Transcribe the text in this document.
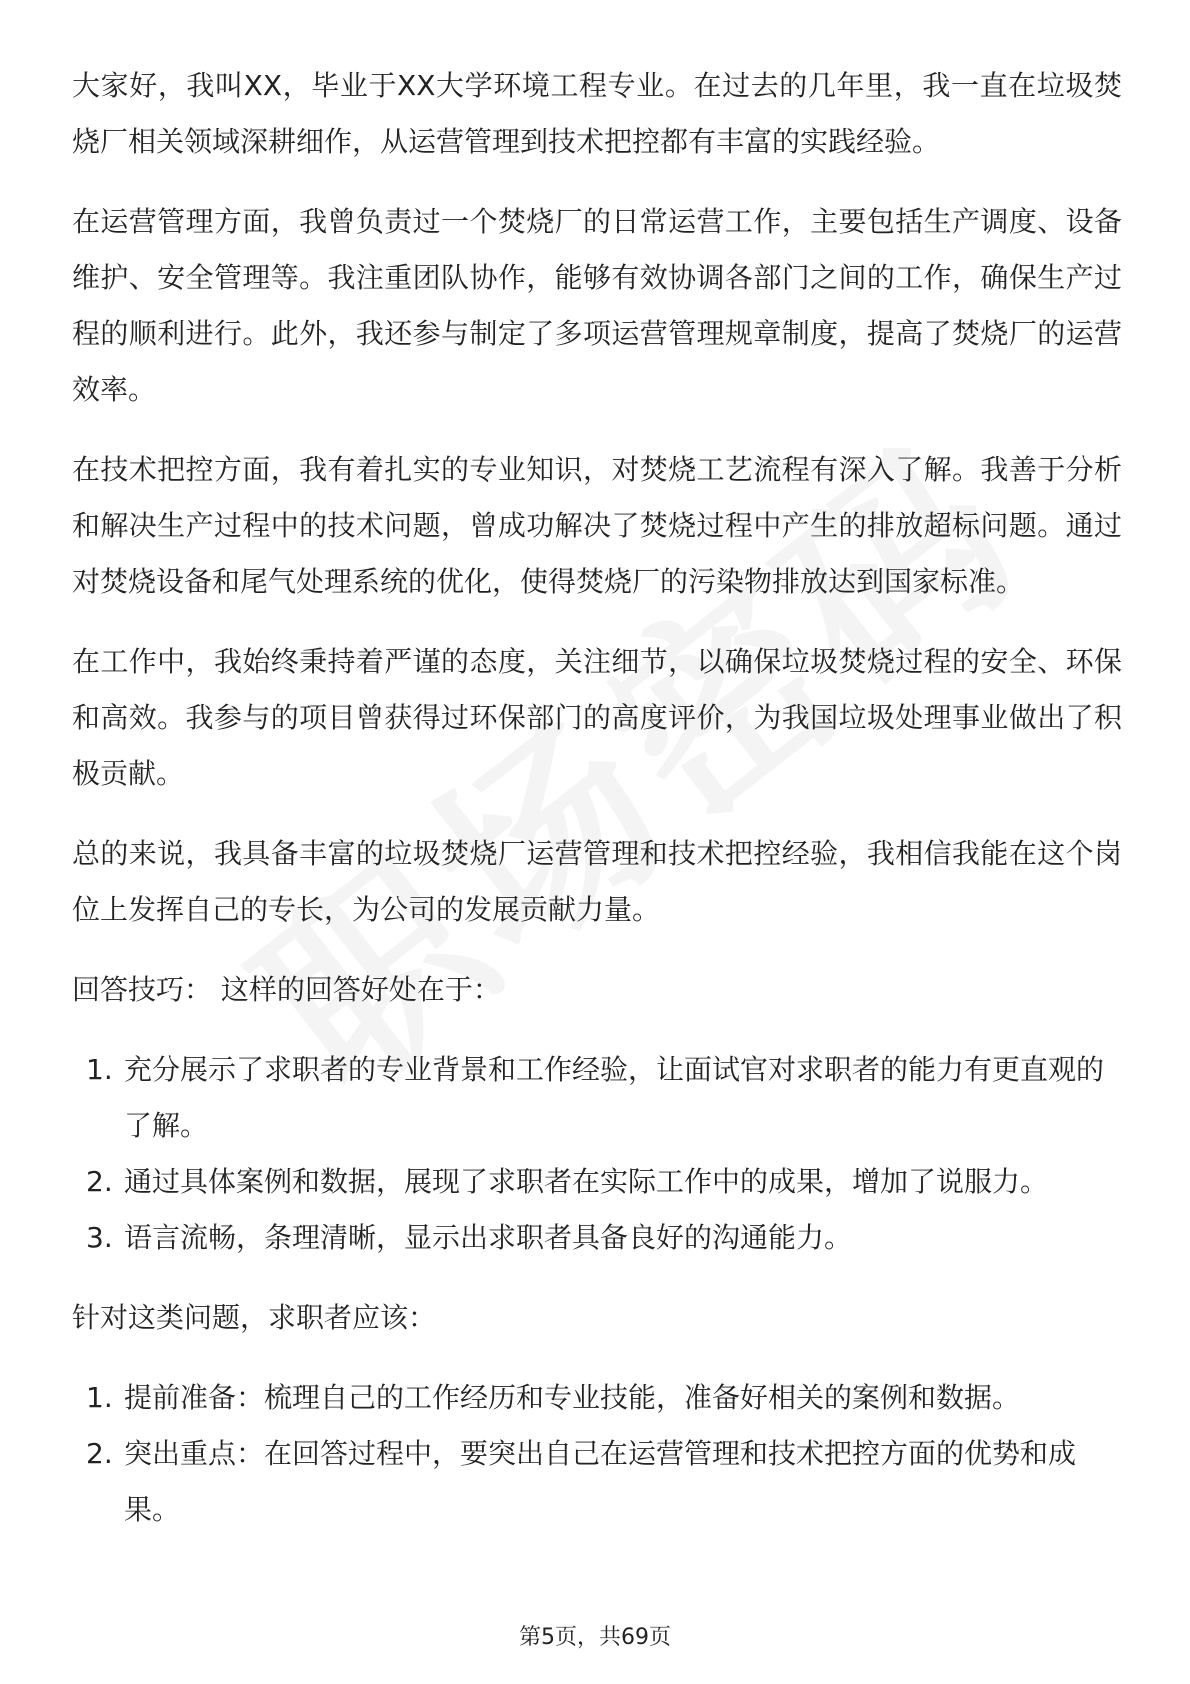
大家好，我叫XX，毕业于XX大学环境工程专业。在过去的几年里，我一直在垃圾焚烧厂相关领域深耕细作，从运营管理到技术把控都有丰富的实践经验。

在运营管理方面，我曾负责过一个焚烧厂的日常运营工作，主要包括生产调度、设备维护、安全管理等。我注重团队协作，能够有效协调各部门之间的工作，确保生产过程的顺利进行。此外，我还参与制定了多项运营管理规章制度，提高了焚烧厂的运营效率。

在技术把控方面，我有着扎实的专业知识，对焚烧工艺流程有深入了解。我善于分析和解决生产过程中的技术问题，曾成功解决了焚烧过程中产生的排放超标问题。通过对焚烧设备和尾气处理系统的优化，使得焚烧厂的污染物排放达到国家标准。

在工作中，我始终秉持着严谨的态度，关注细节，以确保垃圾焚烧过程的安全、环保和高效。我参与的项目曾获得过环保部门的高度评价，为我国垃圾处理事业做出了积极贡献。

总的来说，我具备丰富的垃圾焚烧厂运营管理和技术把控经验，我相信我能在这个岗位上发挥自己的专长，为公司的发展贡献力量。

回答技巧： 这样的回答好处在于：

1. 充分展示了求职者的专业背景和工作经验，让面试官对求职者的能力有更直观的了解。
2. 通过具体案例和数据，展现了求职者在实际工作中的成果，增加了说服力。
3. 语言流畅，条理清晰，显示出求职者具备良好的沟通能力。

针对这类问题，求职者应该：

1. 提前准备：梳理自己的工作经历和专业技能，准备好相关的案例和数据。
2. 突出重点：在回答过程中，要突出自己在运营管理和技术把控方面的优势和成果。
第5页，共69页
